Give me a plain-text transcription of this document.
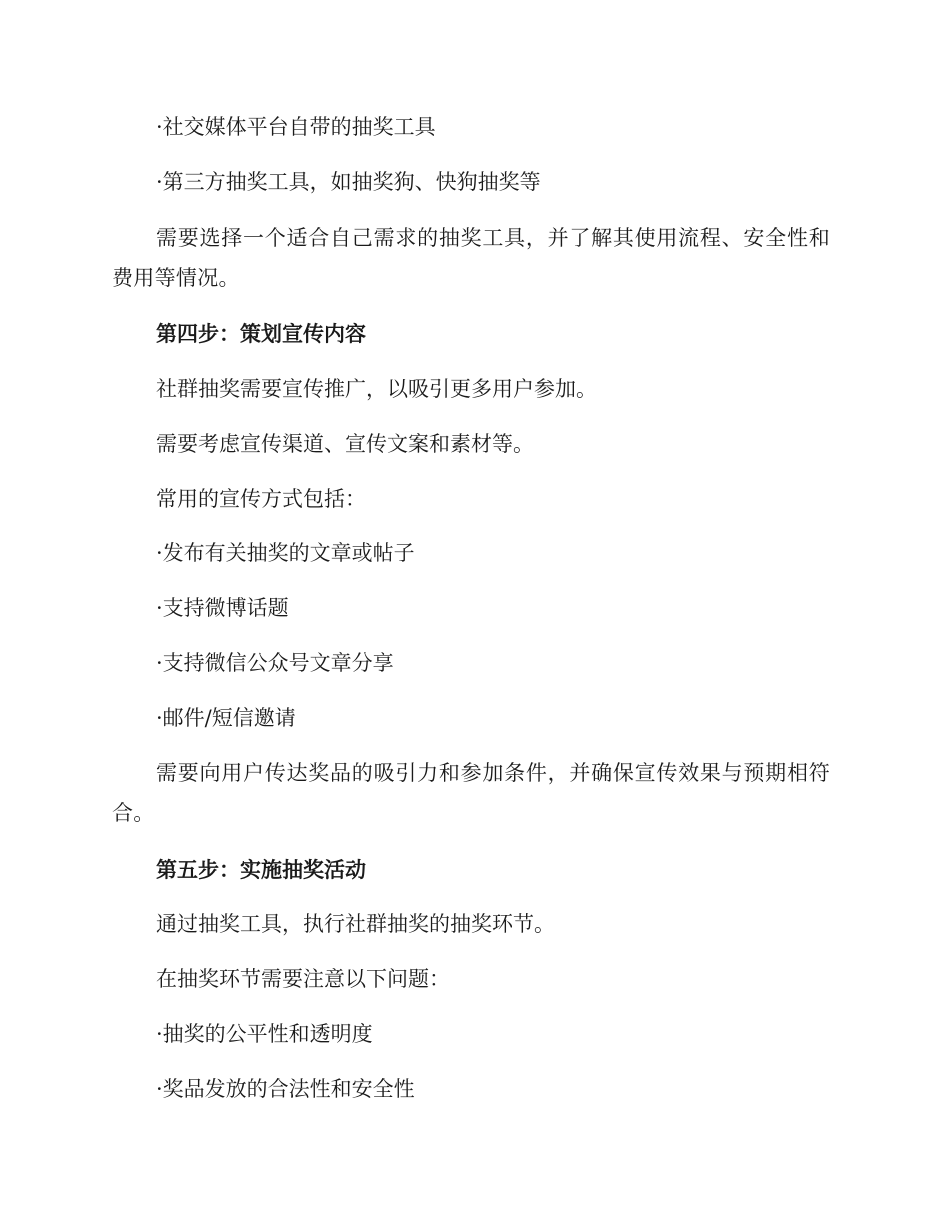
·社交媒体平台自带的抽奖工具
·第三方抽奖工具，如抽奖狗、快狗抽奖等
需要选择一个适合自己需求的抽奖工具，并了解其使用流程、安全性和费用等情况。
第四步：策划宣传内容
社群抽奖需要宣传推广，以吸引更多用户参加。
需要考虑宣传渠道、宣传文案和素材等。
常用的宣传方式包括：
·发布有关抽奖的文章或帖子
·支持微博话题
·支持微信公众号文章分享
·邮件/短信邀请
需要向用户传达奖品的吸引力和参加条件，并确保宣传效果与预期相符合。
第五步：实施抽奖活动
通过抽奖工具，执行社群抽奖的抽奖环节。
在抽奖环节需要注意以下问题：
·抽奖的公平性和透明度
·奖品发放的合法性和安全性
